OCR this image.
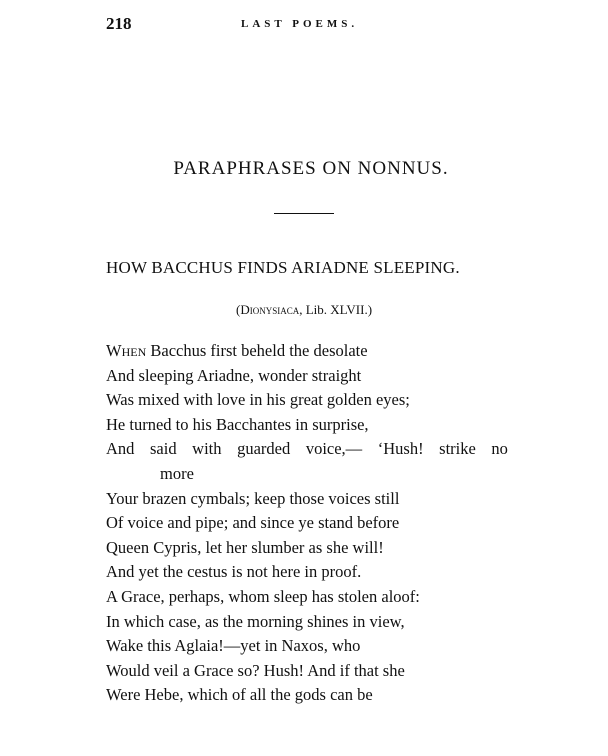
218	LAST POEMS.
PARAPHRASES ON NONNUS.
HOW BACCHUS FINDS ARIADNE SLEEPING.
(Dionysiaca, Lib. XLVII.)
When Bacchus first beheld the desolate
And sleeping Ariadne, wonder straight
Was mixed with love in his great golden eyes;
He turned to his Bacchantes in surprise,
And said with guarded voice,— ‘Hush! strike no
more
Your brazen cymbals; keep those voices still
Of voice and pipe; and since ye stand before
Queen Cypris, let her slumber as she will!
And yet the cestus is not here in proof.
A Grace, perhaps, whom sleep has stolen aloof:
In which case, as the morning shines in view,
Wake this Aglaia!—yet in Naxos, who
Would veil a Grace so? Hush! And if that she
Were Hebe, which of all the gods can be
